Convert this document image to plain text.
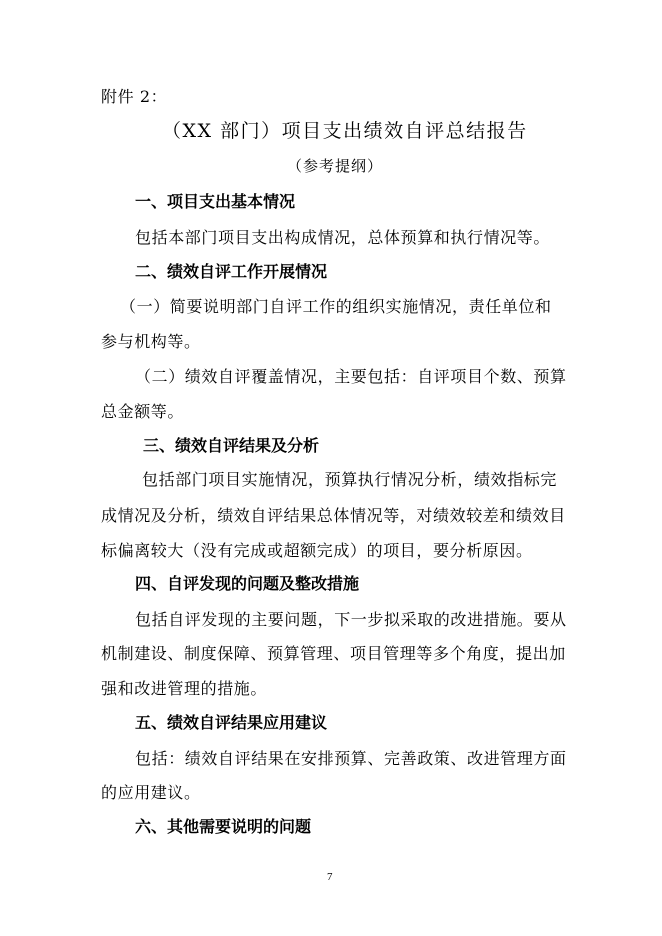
附件 2：
（XX 部门）项目支出绩效自评总结报告
（参考提纲）
一、项目支出基本情况
包括本部门项目支出构成情况，总体预算和执行情况等。
二、绩效自评工作开展情况
（一）简要说明部门自评工作的组织实施情况，责任单位和
参与机构等。
（二）绩效自评覆盖情况，主要包括：自评项目个数、预算
总金额等。
三、绩效自评结果及分析
包括部门项目实施情况，预算执行情况分析，绩效指标完
成情况及分析，绩效自评结果总体情况等，对绩效较差和绩效目
标偏离较大（没有完成或超额完成）的项目，要分析原因。
四、自评发现的问题及整改措施
包括自评发现的主要问题，下一步拟采取的改进措施。要从
机制建设、制度保障、预算管理、项目管理等多个角度，提出加
强和改进管理的措施。
五、绩效自评结果应用建议
包括：绩效自评结果在安排预算、完善政策、改进管理方面
的应用建议。
六、其他需要说明的问题
7
